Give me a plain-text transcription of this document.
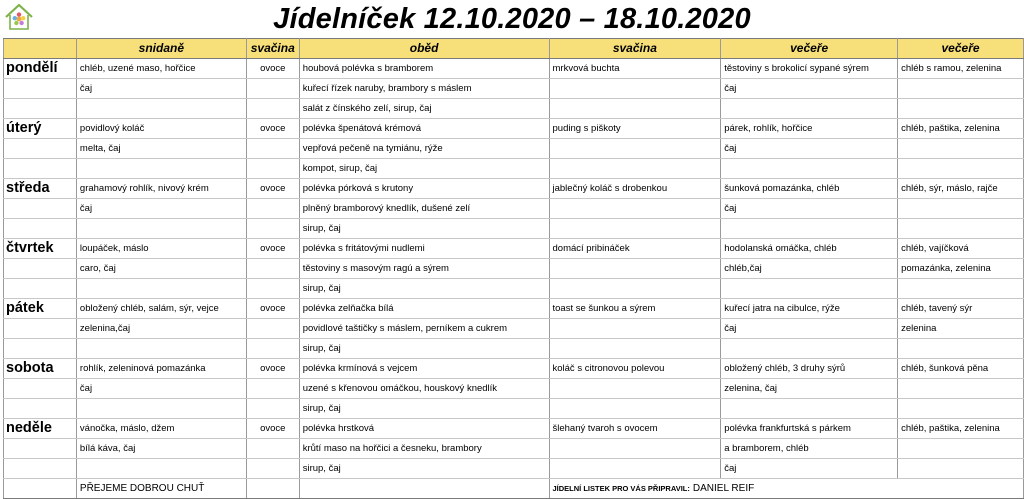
Jídelníček 12.10.2020 – 18.10.2020
	snidaně	svačina	oběd	svačina	večeře	večeře
pondělí	chléb, uzené maso, hořčice	ovoce	houbová polévka s bramborem	mrkvová buchta	těstoviny s brokolicí sypané sýrem	chléb s ramou, zelenina
	čaj		kuřecí řízek naruby, brambory s máslem		čaj	
			salát z čínského zelí, sirup, čaj			
úterý	povidlový koláč	ovoce	polévka špenátová krémová	puding s piškoty	párek, rohlík, hořčice	chléb, paštika, zelenina
	melta, čaj		vepřová pečeně na tymiánu, rýže		čaj	
			kompot, sirup, čaj			
středa	grahamový rohlík, nivový krém	ovoce	polévka pórková s krutony	jablečný koláč s drobenkou	šunková pomazánka, chléb	chléb, sýr, máslo, rajče
	čaj		plněný bramborový knedlík, dušené zelí		čaj	
			sirup, čaj			
čtvrtek	loupáček, máslo	ovoce	polévka s fritátovými nudlemi	domácí pribináček	hodolanská omáčka, chléb	chléb, vajíčková
	caro, čaj		těstoviny s masovým ragú a sýrem		chléb,čaj	pomazánka, zelenina
			sirup, čaj			
pátek	obložený chléb, salám, sýr, vejce	ovoce	polévka zelňačka bílá	toast se šunkou a sýrem	kuřecí jatra na cibulce, rýže	chléb, tavený sýr
	zelenina,čaj		povidlové taštičky s máslem, perníkem a cukrem		čaj	zelenina
			sirup, čaj			
sobota	rohlík, zeleninová pomazánka	ovoce	polévka krmínová s vejcem	koláč s citronovou polevou	obložený chléb, 3 druhy sýrů	chléb, šunková pěna
	čaj		uzené s křenovou omáčkou, houskový knedlík		zelenina, čaj	
			sirup, čaj			
neděle	vánočka, máslo, džem	ovoce	polévka hrstková	šlehaný tvaroh s ovocem	polévka frankfurtská s párkem	chléb, paštika, zelenina
	bílá káva, čaj		krůtí maso na hořčici a česneku, brambory		a bramborem, chléb	
			sirup, čaj		čaj	
	PŘEJEME DOBROU CHUŤ			JÍDELNÍ LISTEK PRO VÁS PŘIPRAVIL: DANIEL REIF		
